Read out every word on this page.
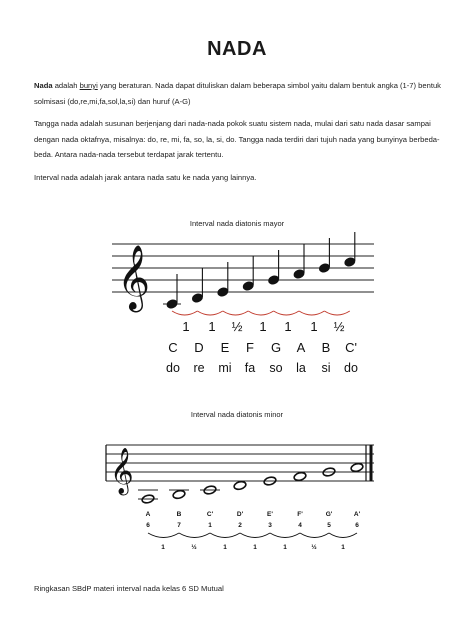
NADA
Nada adalah bunyi yang beraturan. Nada dapat dituliskan dalam beberapa simbol yaitu dalam bentuk angka (1-7) bentuk solmisasi (do,re,mi,fa,sol,la,si) dan huruf (A-G)
Tangga nada adalah susunan berjenjang dari nada-nada pokok suatu sistem nada, mulai dari satu nada dasar sampai dengan nada oktafnya, misalnya: do, re, mi, fa, so, la, si, do. Tangga nada terdiri dari tujuh nada yang bunyinya berbeda-beda. Antara nada-nada tersebut terdapat jarak tertentu.
Interval nada adalah jarak antara nada satu ke nada yang lainnya.
Interval nada diatonis mayor
Interval nada diatonis minor
𝄞
1 1 ½ 1 1 1 ½
C D E F G A B C'
do re mi fa so la si do
𝄞
A	B	C'	D'	E'	F'	G'	A'
6	7	1	2	3	4	5	6
1	½	1	1	1	½	1
Ringkasan SBdP materi interval nada kelas 6 SD Mutual
